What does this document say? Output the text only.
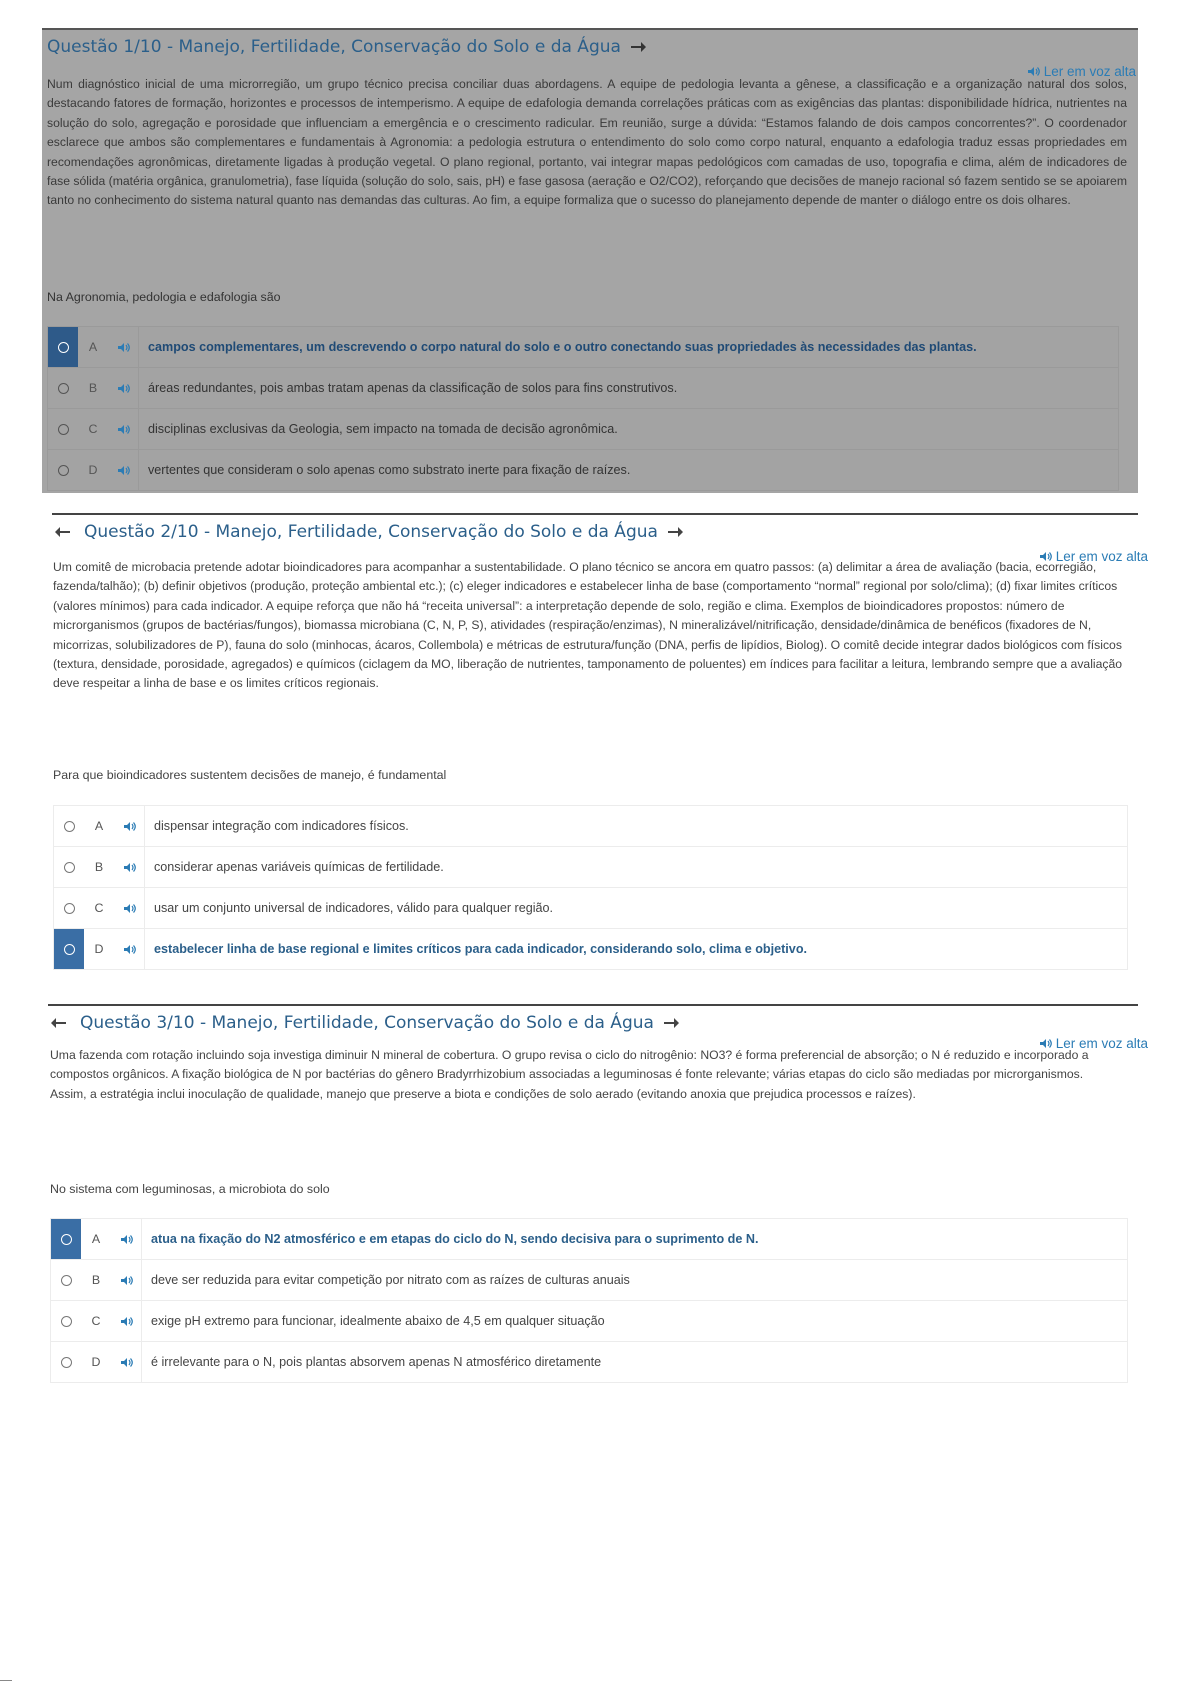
Questão 1/10 - Manejo, Fertilidade, Conservação do Solo e da Água
Ler em voz alta
Num diagnóstico inicial de uma microrregião, um grupo técnico precisa conciliar duas abordagens. A equipe de pedologia levanta a gênese, a classificação e a organização natural dos solos, destacando fatores de formação, horizontes e processos de intemperismo. A equipe de edafologia demanda correlações práticas com as exigências das plantas: disponibilidade hídrica, nutrientes na solução do solo, agregação e porosidade que influenciam a emergência e o crescimento radicular. Em reunião, surge a dúvida: “Estamos falando de dois campos concorrentes?”. O coordenador esclarece que ambos são complementares e fundamentais à Agronomia: a pedologia estrutura o entendimento do solo como corpo natural, enquanto a edafologia traduz essas propriedades em recomendações agronômicas, diretamente ligadas à produção vegetal. O plano regional, portanto, vai integrar mapas pedológicos com camadas de uso, topografia e clima, além de indicadores de fase sólida (matéria orgânica, granulometria), fase líquida (solução do solo, sais, pH) e fase gasosa (aeração e O2/CO2), reforçando que decisões de manejo racional só fazem sentido se se apoiarem tanto no conhecimento do sistema natural quanto nas demandas das culturas. Ao fim, a equipe formaliza que o sucesso do planejamento depende de manter o diálogo entre os dois olhares.
Na Agronomia, pedologia e edafologia são
A	campos complementares, um descrevendo o corpo natural do solo e o outro conectando suas propriedades às necessidades das plantas.
B	áreas redundantes, pois ambas tratam apenas da classificação de solos para fins construtivos.
C	disciplinas exclusivas da Geologia, sem impacto na tomada de decisão agronômica.
D	vertentes que consideram o solo apenas como substrato inerte para fixação de raízes.
Questão 2/10 - Manejo, Fertilidade, Conservação do Solo e da Água
Ler em voz alta
Um comitê de microbacia pretende adotar bioindicadores para acompanhar a sustentabilidade. O plano técnico se ancora em quatro passos: (a) delimitar a área de avaliação (bacia, ecorregião, fazenda/talhão); (b) definir objetivos (produção, proteção ambiental etc.); (c) eleger indicadores e estabelecer linha de base (comportamento “normal” regional por solo/clima); (d) fixar limites críticos (valores mínimos) para cada indicador. A equipe reforça que não há “receita universal”: a interpretação depende de solo, região e clima. Exemplos de bioindicadores propostos: número de microrganismos (grupos de bactérias/fungos), biomassa microbiana (C, N, P, S), atividades (respiração/enzimas), N mineralizável/nitrificação, densidade/dinâmica de benéficos (fixadores de N, micorrizas, solubilizadores de P), fauna do solo (minhocas, ácaros, Collembola) e métricas de estrutura/função (DNA, perfis de lipídios, Biolog). O comitê decide integrar dados biológicos com físicos (textura, densidade, porosidade, agregados) e químicos (ciclagem da MO, liberação de nutrientes, tamponamento de poluentes) em índices para facilitar a leitura, lembrando sempre que a avaliação deve respeitar a linha de base e os limites críticos regionais.
Para que bioindicadores sustentem decisões de manejo, é fundamental
A	dispensar integração com indicadores físicos.
B	considerar apenas variáveis químicas de fertilidade.
C	usar um conjunto universal de indicadores, válido para qualquer região.
D	estabelecer linha de base regional e limites críticos para cada indicador, considerando solo, clima e objetivo.
Questão 3/10 - Manejo, Fertilidade, Conservação do Solo e da Água
Ler em voz alta
Uma fazenda com rotação incluindo soja investiga diminuir N mineral de cobertura. O grupo revisa o ciclo do nitrogênio: NO3? é forma preferencial de absorção; o N é reduzido e incorporado a compostos orgânicos. A fixação biológica de N por bactérias do gênero Bradyrrhizobium associadas a leguminosas é fonte relevante; várias etapas do ciclo são mediadas por microrganismos. Assim, a estratégia inclui inoculação de qualidade, manejo que preserve a biota e condições de solo aerado (evitando anoxia que prejudica processos e raízes).
No sistema com leguminosas, a microbiota do solo
A	atua na fixação do N2 atmosférico e em etapas do ciclo do N, sendo decisiva para o suprimento de N.
B	deve ser reduzida para evitar competição por nitrato com as raízes de culturas anuais
C	exige pH extremo para funcionar, idealmente abaixo de 4,5 em qualquer situação
D	é irrelevante para o N, pois plantas absorvem apenas N atmosférico diretamente
